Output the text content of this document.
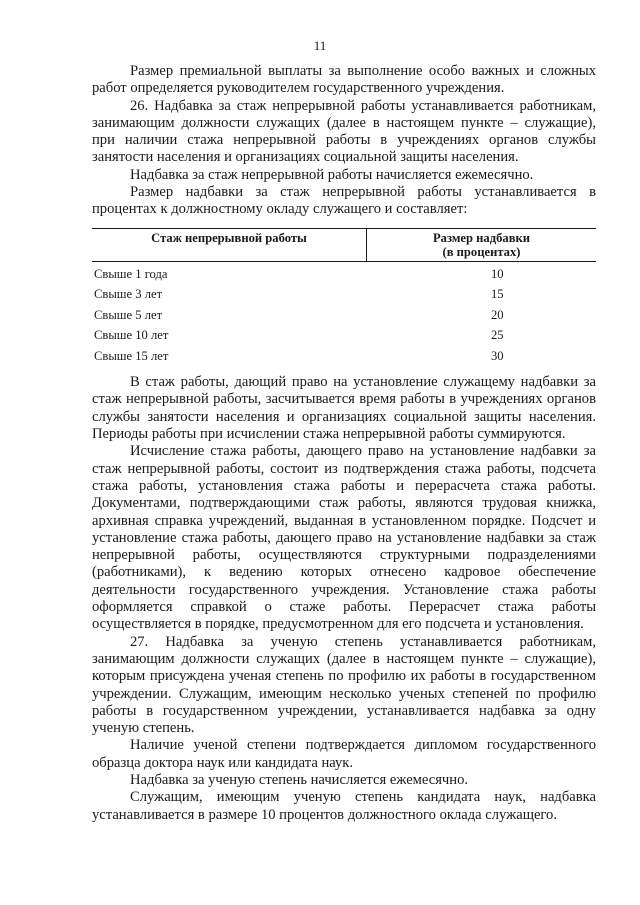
11

Размер премиальной выплаты за выполнение особо важных и сложных работ определяется руководителем государственного учреждения.

26. Надбавка за стаж непрерывной работы устанавливается работникам, занимающим должности служащих (далее в настоящем пункте – служащие), при наличии стажа непрерывной работы в учреждениях органов службы занятости населения и организациях социальной защиты населения.

Надбавка за стаж непрерывной работы начисляется ежемесячно.

Размер надбавки за стаж непрерывной работы устанавливается в процентах к должностному окладу служащего и составляет:

Стаж непрерывной работы	Размер надбавки
(в процентах)
Свыше 1 года	10
Свыше 3 лет	15
Свыше 5 лет	20
Свыше 10 лет	25
Свыше 15 лет	30

В стаж работы, дающий право на установление служащему надбавки за стаж непрерывной работы, засчитывается время работы в учреждениях органов службы занятости населения и организациях социальной защиты населения. Периоды работы при исчислении стажа непрерывной работы суммируются.

Исчисление стажа работы, дающего право на установление надбавки за стаж непрерывной работы, состоит из подтверждения стажа работы, подсчета стажа работы, установления стажа работы и перерасчета стажа работы. Документами, подтверждающими стаж работы, являются трудовая книжка, архивная справка учреждений, выданная в установленном порядке. Подсчет и установление стажа работы, дающего право на установление надбавки за стаж непрерывной работы, осуществляются структурными подразделениями (работниками), к ведению которых отнесено кадровое обеспечение деятельности государственного учреждения. Установление стажа работы оформляется справкой о стаже работы. Перерасчет стажа работы осуществляется в порядке, предусмотренном для его подсчета и установления.

27. Надбавка за ученую степень устанавливается работникам, занимающим должности служащих (далее в настоящем пункте – служащие), которым присуждена ученая степень по профилю их работы в государственном учреждении. Служащим, имеющим несколько ученых степеней по профилю работы в государственном учреждении, устанавливается надбавка за одну ученую степень.

Наличие ученой степени подтверждается дипломом государственного образца доктора наук или кандидата наук.

Надбавка за ученую степень начисляется ежемесячно.

Служащим, имеющим ученую степень кандидата наук, надбавка устанавливается в размере 10 процентов должностного оклада служащего.
